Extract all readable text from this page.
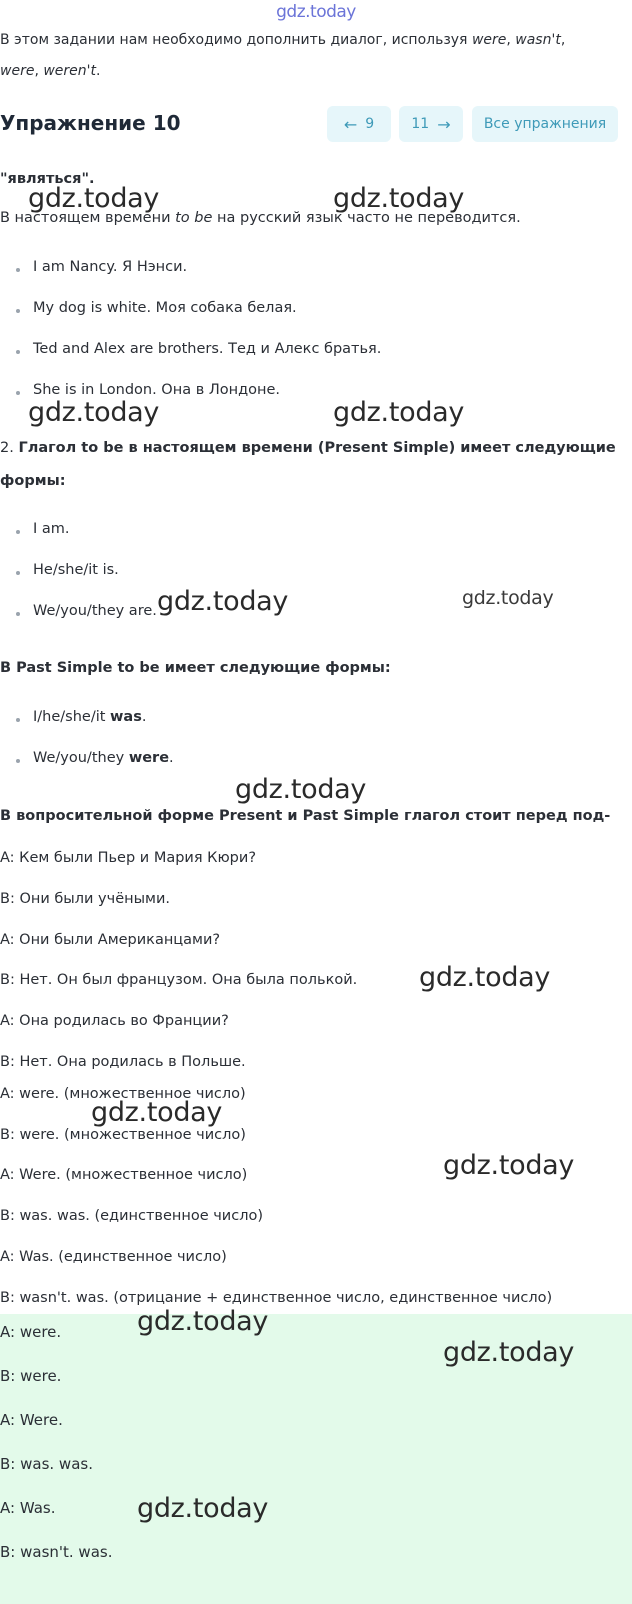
gdz.today
В этом задании нам необходимо дополнить диалог, используя were, wasn't,
were, weren't.
Упражнение 10	← 9	11 → Все упражнения
"являться".
В настоящем времени to be на русский язык часто не переводится.
I am Nancy. Я Нэнси.
My dog is white. Моя собака белая.
Ted and Alex are brothers. Тед и Алекс братья.
She is in London. Она в Лондоне.
2. Глагол to be в настоящем времени (Present Simple) имеет следующие
формы:
I am.
He/she/it is.
We/you/they are.
В Past Simple to be имеет следующие формы:
I/he/she/it was.
We/you/they were.
В вопросительной форме Present и Past Simple глагол стоит перед под-
A: Кем были Пьер и Мария Кюри?
B: Они были учёными.
A: Они были Американцами?
B: Нет. Он был французом. Она была полькой.
A: Она родилась во Франции?
B: Нет. Она родилась в Польше.
A: were. (множественное число)
B: were. (множественное число)
A: Were. (множественное число)
B: was. was. (единственное число)
A: Was. (единственное число)
B: wasn't. was. (отрицание + единственное число, единственное число)
A: were.
B: were.
A: Were.
B: was. was.
A: Was.
B: wasn't. was.
gdz.today	gdz.today
gdz.today	gdz.today
gdz.today	gdz.today
gdz.today
gdz.today
gdz.today
gdz.today
gdz.today
gdz.today
gdz.today
